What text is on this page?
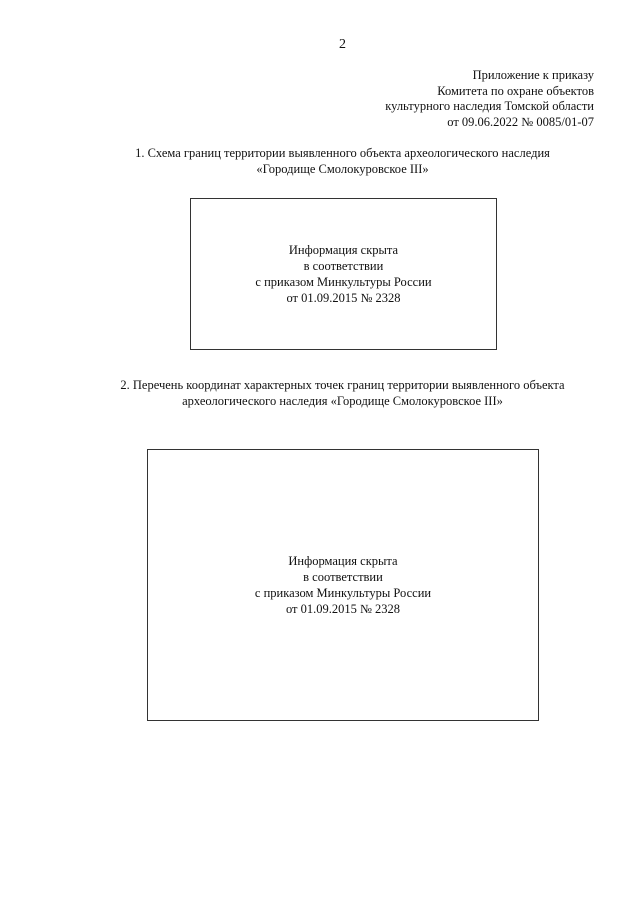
2
Приложение к приказу
Комитета по охране объектов
культурного наследия Томской области
от 09.06.2022 № 0085/01-07
1. Схема границ территории выявленного объекта археологического наследия
«Городище Смолокуровское III»
Информация скрыта
в соответствии
с приказом Минкультуры России
от 01.09.2015 № 2328
2. Перечень координат характерных точек границ территории выявленного объекта
археологического наследия «Городище Смолокуровское III»
Информация скрыта
в соответствии
с приказом Минкультуры России
от 01.09.2015 № 2328
